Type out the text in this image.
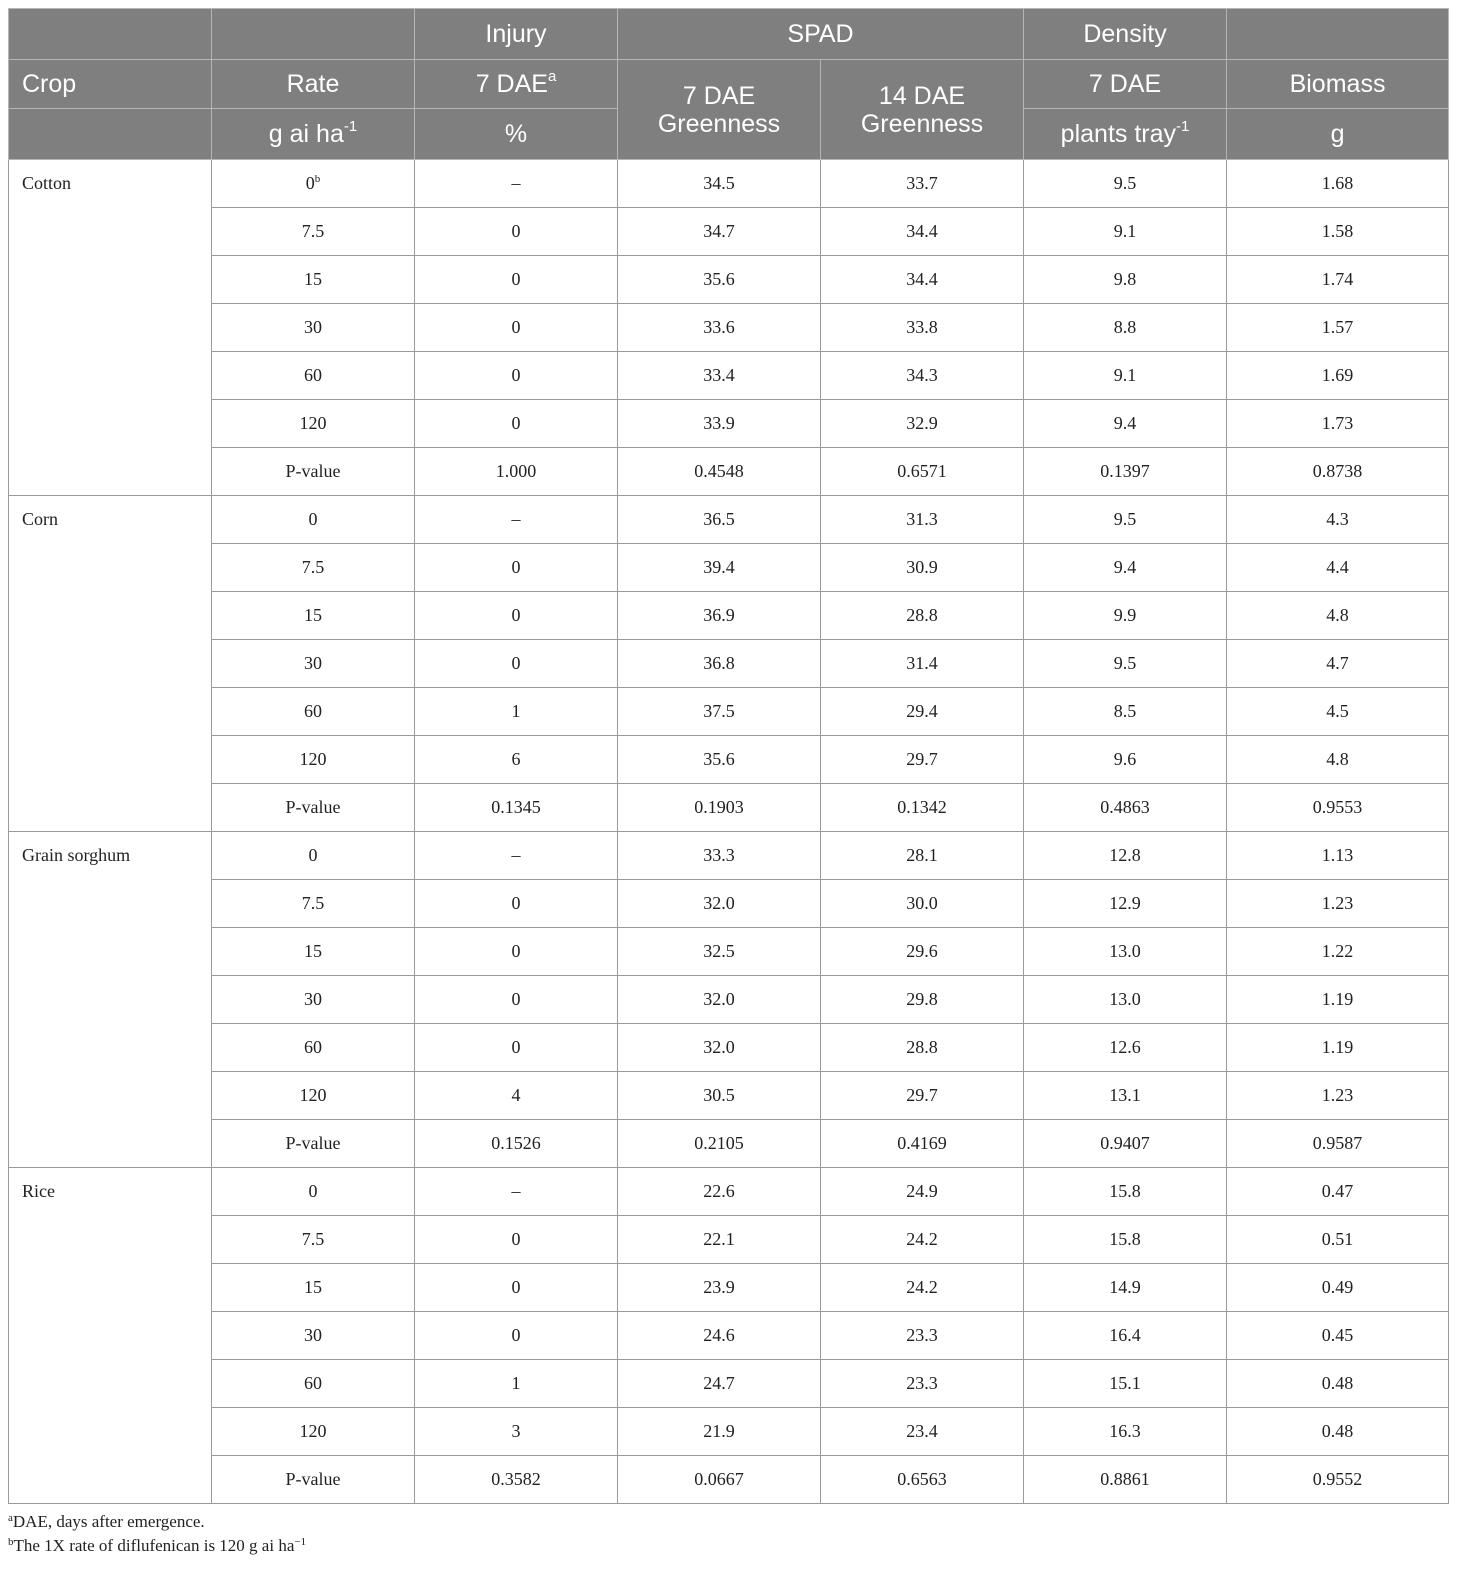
		Injury	SPAD		Density	
Crop	Rate	7 DAE$^a$	7 DAE Greenness	14 DAE Greenness	7 DAE	Biomass
	g ai $ha^{-1}$	%			plants tray$^{-1}$	g
Cotton	0$^b$	–	34.5	33.7	9.5	1.68
	7.5	0	34.7	34.4	9.1	1.58
	15	0	35.6	34.4	9.8	1.74
	30	0	33.6	33.8	8.8	1.57
	60	0	33.4	34.3	9.1	1.69
	120	0	33.9	32.9	9.4	1.73
	P-value	1.000	0.4548	0.6571	0.1397	0.8738
Corn	0	–	36.5	31.3	9.5	4.3
	7.5	0	39.4	30.9	9.4	4.4
	15	0	36.9	28.8	9.9	4.8
	30	0	36.8	31.4	9.5	4.7
	60	1	37.5	29.4	8.5	4.5
	120	6	35.6	29.7	9.6	4.8
	P-value	0.1345	0.1903	0.1342	0.4863	0.9553
Grain sorghum	0	–	33.3	28.1	12.8	1.13
	7.5	0	32.0	30.0	12.9	1.23
	15	0	32.5	29.6	13.0	1.22
	30	0	32.0	29.8	13.0	1.19
	60	0	32.0	28.8	12.6	1.19
	120	4	30.5	29.7	13.1	1.23
	P-value	0.1526	0.2105	0.4169	0.9407	0.9587
Rice	0	–	22.6	24.9	15.8	0.47
	7.5	0	22.1	24.2	15.8	0.51
	15	0	23.9	24.2	14.9	0.49
	30	0	24.6	23.3	16.4	0.45
	60	1	24.7	23.3	15.1	0.48
	120	3	21.9	23.4	16.3	0.48
	P-value	0.3582	0.0667	0.6563	0.8861	0.9552
$^a$DAE, days after emergence.
$^b$The 1X rate of diflufenican is 120 g ai $ha^{-1}$
